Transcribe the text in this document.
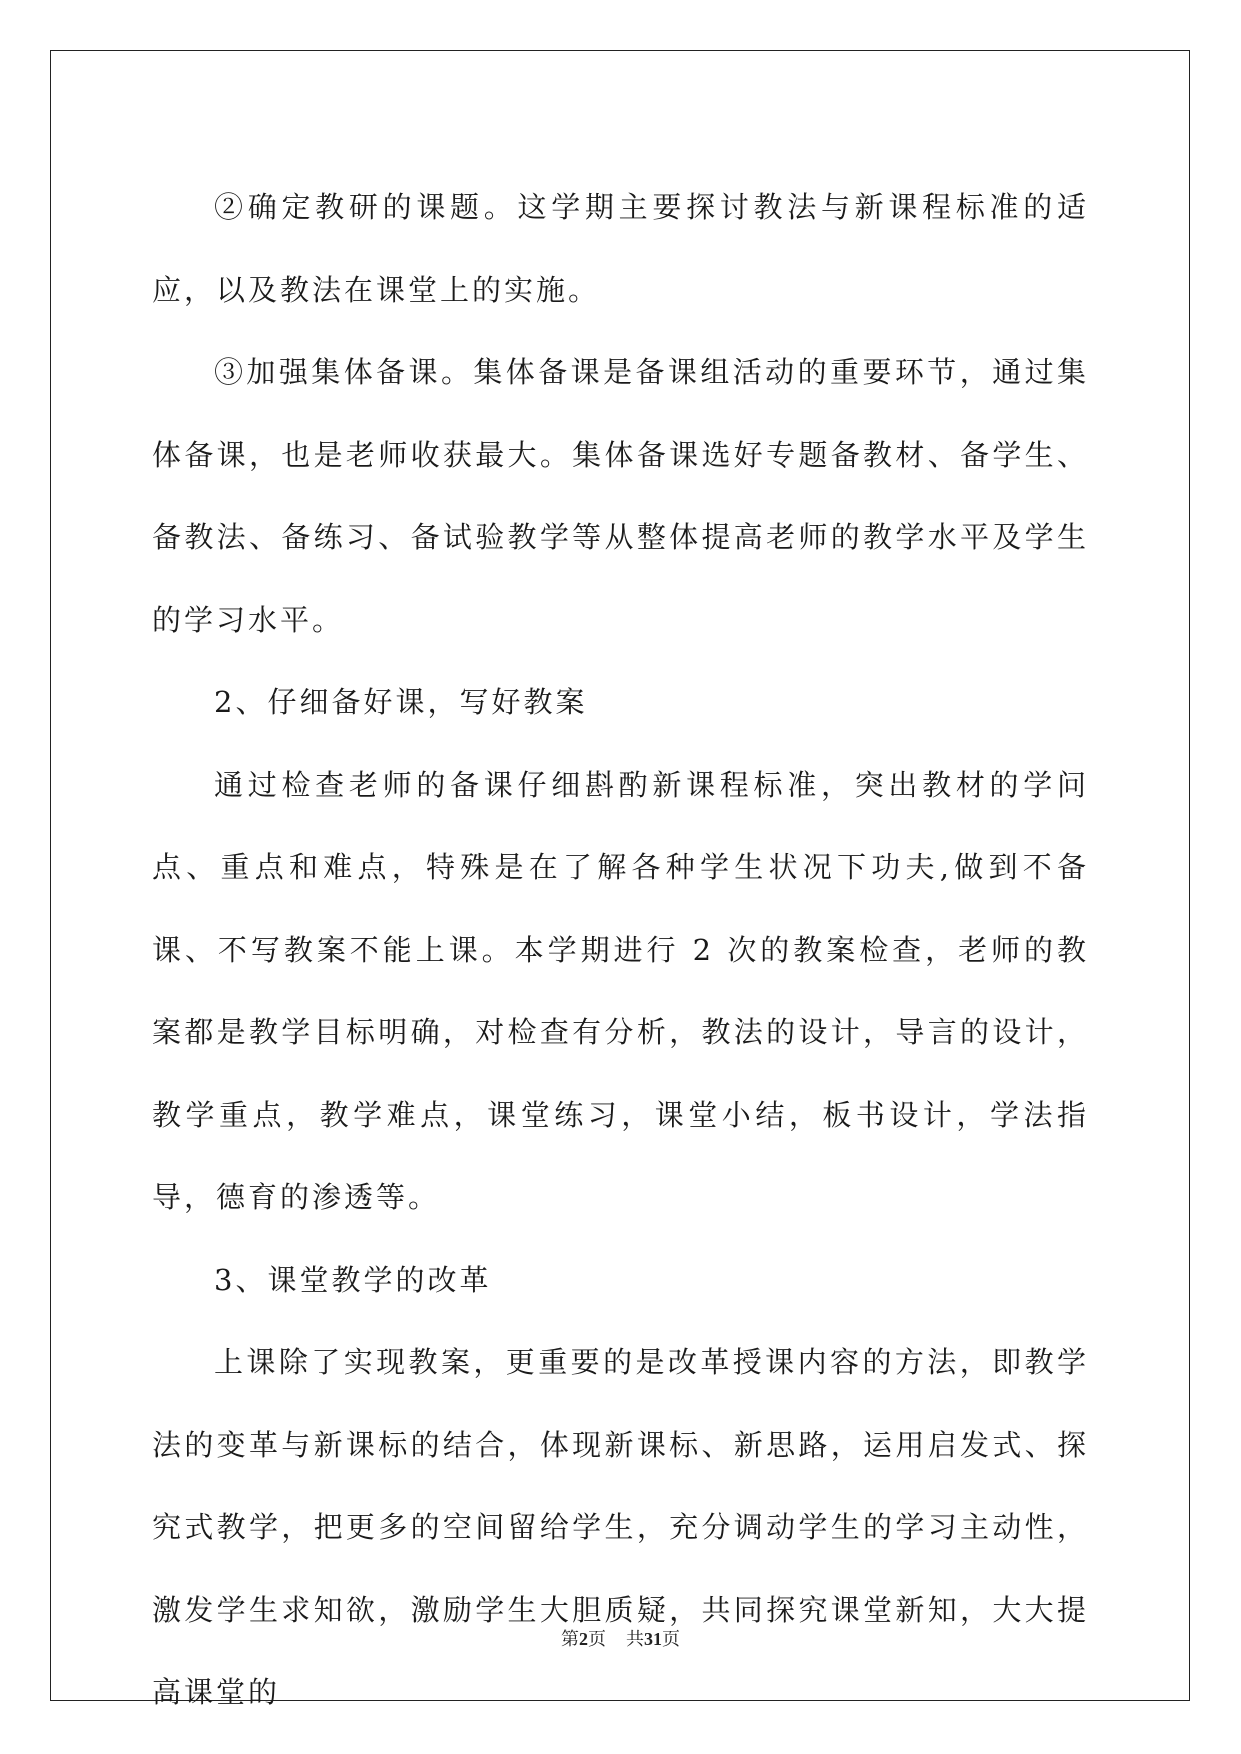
②确定教研的课题。这学期主要探讨教法与新课程标准的适应，以及教法在课堂上的实施。

③加强集体备课。集体备课是备课组活动的重要环节，通过集体备课，也是老师收获最大。集体备课选好专题备教材、备学生、备教法、备练习、备试验教学等从整体提高老师的教学水平及学生的学习水平。

2、仔细备好课，写好教案

通过检查老师的备课仔细斟酌新课程标准，突出教材的学问点、重点和难点，特殊是在了解各种学生状况下功夫,做到不备课、不写教案不能上课。本学期进行 2 次的教案检查，老师的教案都是教学目标明确，对检查有分析，教法的设计，导言的设计，教学重点，教学难点，课堂练习，课堂小结，板书设计，学法指导，德育的渗透等。

3、课堂教学的改革

上课除了实现教案，更重要的是改革授课内容的方法，即教学法的变革与新课标的结合，体现新课标、新思路，运用启发式、探究式教学，把更多的空间留给学生，充分调动学生的学习主动性，激发学生求知欲，激励学生大胆质疑，共同探究课堂新知，大大提高课堂的

第2页 共31页
